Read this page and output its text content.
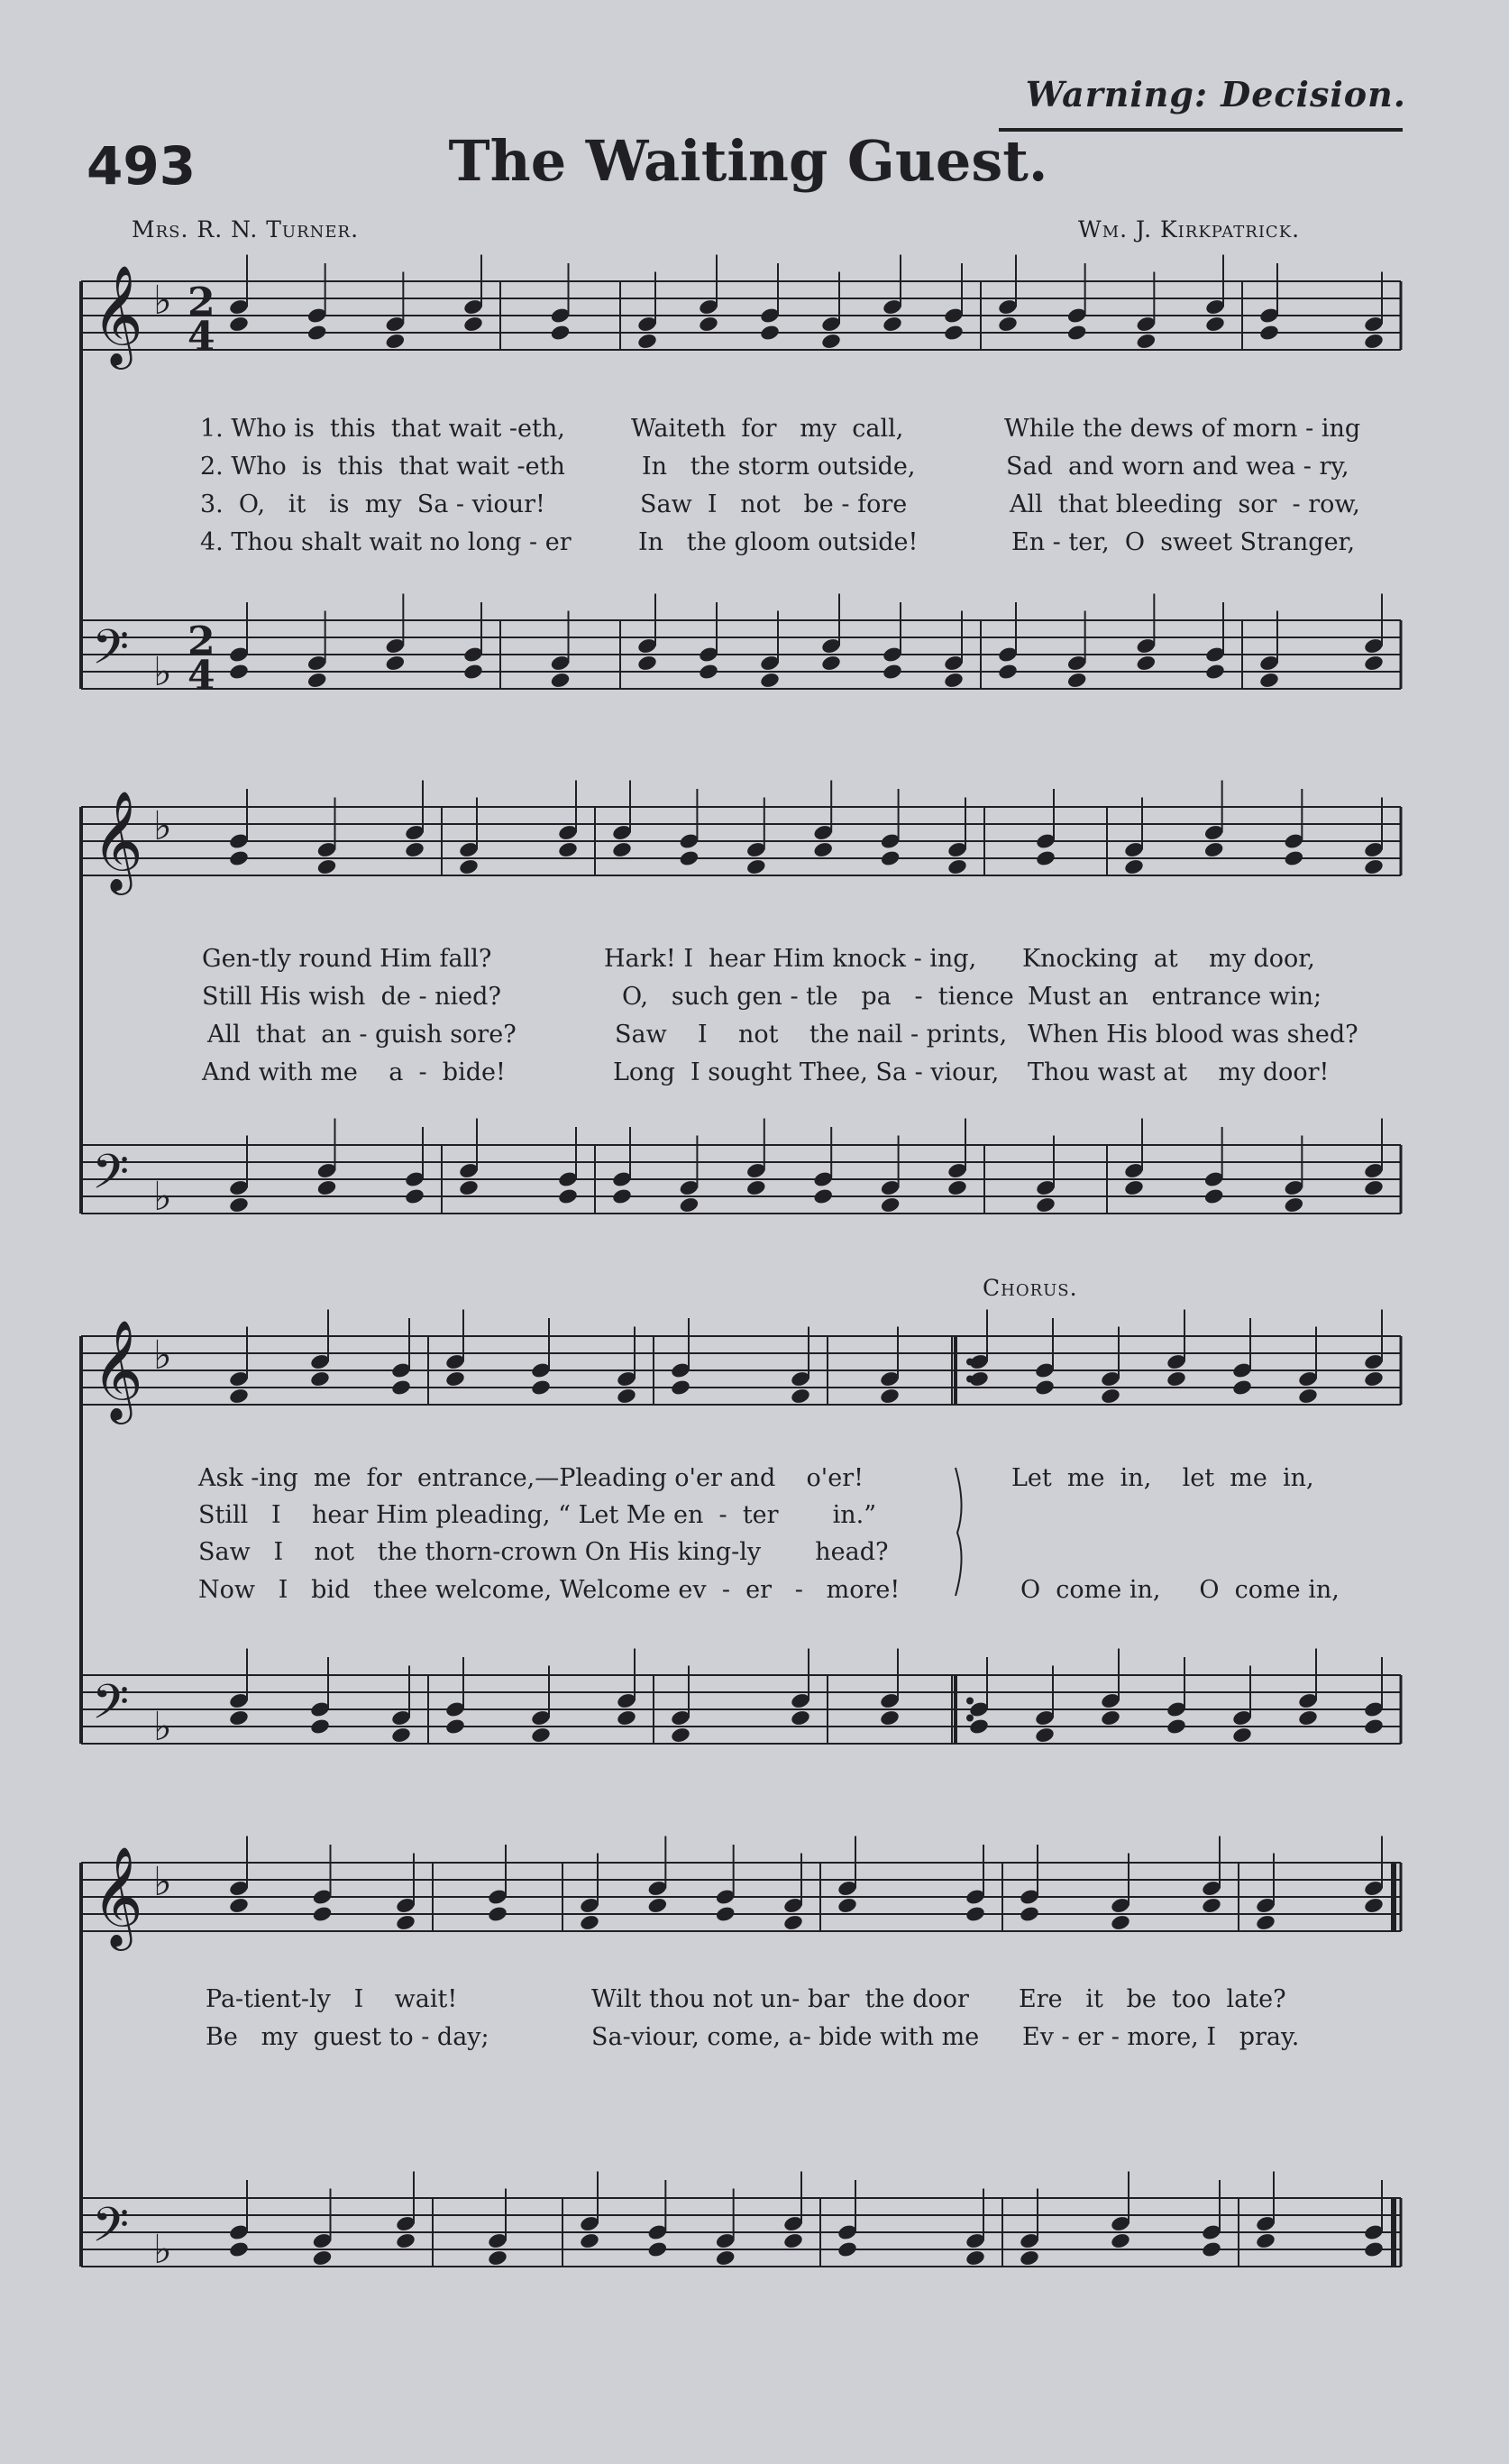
Warning: Decision.
493	The Waiting Guest.
Mrs. R. N. Turner.	Wm. J. Kirkpatrick.
𝄞 ♭ 2
4
𝄢 ♭
2
4
𝄞 ♭
𝄢 ♭
𝄞 ♭
𝄢 ♭
𝄞 ♭
𝄢 ♭
Chorus.
1. Who is  this  that wait -eth,	Waiteth  for   my  call,	While the dews of morn - ing
2. Who  is  this  that wait -eth	In   the storm outside,	Sad  and worn and wea - ry,
3.  O,   it   is  my  Sa - viour!	Saw  I   not   be - fore	All  that bleeding  sor  - row,
4. Thou shalt wait no long - er	In   the gloom outside!	En - ter,  O  sweet Stranger,
Gen-tly round Him fall?	Hark! I  hear Him knock - ing, Knocking  at    my door,
Still His wish  de - nied?	O,   such gen - tle   pa   -  tience Must an   entrance win;
All  that  an - guish sore?	Saw    I    not    the nail - prints, When His blood was shed?
And with me    a  -  bide!	Long  I sought Thee, Sa - viour, Thou wast at    my door!
Ask -ing  me  for  entrance,—Pleading o'er and    o'er!	Let  me  in,    let  me  in,
Still   I    hear Him pleading, “ Let Me en  -  ter       in.”
Saw   I    not   the thorn-crown On His king-ly       head?
Now   I   bid   thee welcome, Welcome ev  -  er   -   more!	O  come in,     O  come in,
Pa-tient-ly   I    wait!	Wilt thou not un- bar  the door Ere   it   be  too  late?
Be   my  guest to - day;	Sa-viour, come, a- bide with me Ev - er - more, I   pray.
